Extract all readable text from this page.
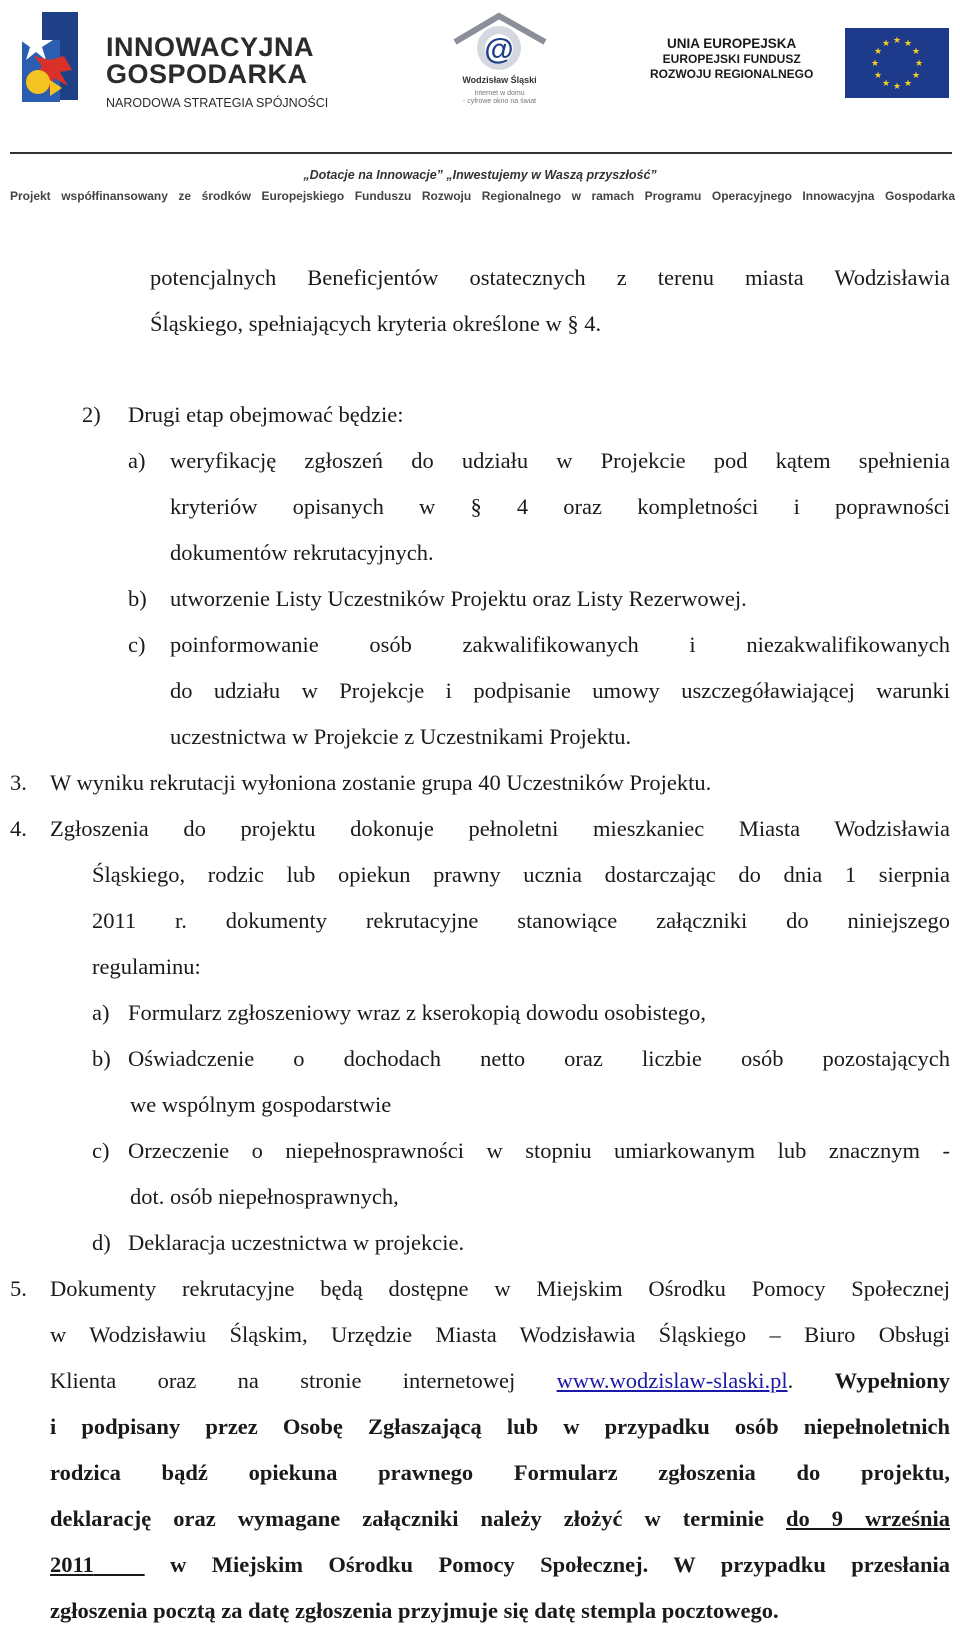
INNOWACYJNA
GOSPODARKA
NARODOWA STRATEGIA SPÓJNOŚCI
@
Wodzisław Śląski
Internet w domu
- cyfrowe okno na świat
UNIA EUROPEJSKA
EUROPEJSKI FUNDUSZ
ROZWOJU REGIONALNEGO
★ ★
★
★
★
★
★
★
★
★
★
★
„Dotacje na Innowacje” „Inwestujemy w Waszą przyszłość”
Projekt współfinansowany ze środków Europejskiego Funduszu Rozwoju Regionalnego w ramach Programu Operacyjnego Innowacyjna Gospodarka
potencjalnych Beneficjentów ostatecznych z terenu miasta Wodzisławia
Śląskiego, spełniających kryteria określone w § 4.
2) Drugi etap obejmować będzie:
a) weryfikację zgłoszeń do udziału w Projekcie pod kątem spełnienia
kryteriów opisanych w § 4 oraz kompletności i poprawności
dokumentów rekrutacyjnych.
b) utworzenie Listy Uczestników Projektu oraz Listy Rezerwowej.
c) poinformowanie osób zakwalifikowanych i niezakwalifikowanych
do udziału w Projekcje i podpisanie umowy uszczegóławiającej warunki
uczestnictwa w Projekcie z Uczestnikami Projektu.
3. W wyniku rekrutacji wyłoniona zostanie grupa 40 Uczestników Projektu.
4. Zgłoszenia do projektu dokonuje pełnoletni mieszkaniec Miasta Wodzisławia
Śląskiego, rodzic lub opiekun prawny ucznia dostarczając do dnia 1 sierpnia
2011 r. dokumenty rekrutacyjne stanowiące załączniki do niniejszego
regulaminu:
a) Formularz zgłoszeniowy wraz z kserokopią dowodu osobistego,
b) Oświadczenie o dochodach netto oraz liczbie osób pozostających
we wspólnym gospodarstwie
c) Orzeczenie o niepełnosprawności w stopniu umiarkowanym lub znacznym -
dot. osób niepełnosprawnych,
d) Deklaracja uczestnictwa w projekcie.
5. Dokumenty rekrutacyjne będą dostępne w Miejskim Ośrodku Pomocy Społecznej
w Wodzisławiu Śląskim, Urzędzie Miasta Wodzisławia Śląskiego – Biuro Obsługi
Klienta oraz na stronie internetowej www.wodzislaw-slaski.pl. Wypełniony
i podpisany przez Osobę Zgłaszającą lub w przypadku osób niepełnoletnich
rodzica bądź opiekuna prawnego Formularz zgłoszenia do projektu,
deklarację oraz wymagane załączniki należy złożyć w terminie do 9 września
2011	w Miejskim Ośrodku Pomocy Społecznej. W przypadku przesłania
zgłoszenia pocztą za datę zgłoszenia przyjmuje się datę stempla pocztowego.
